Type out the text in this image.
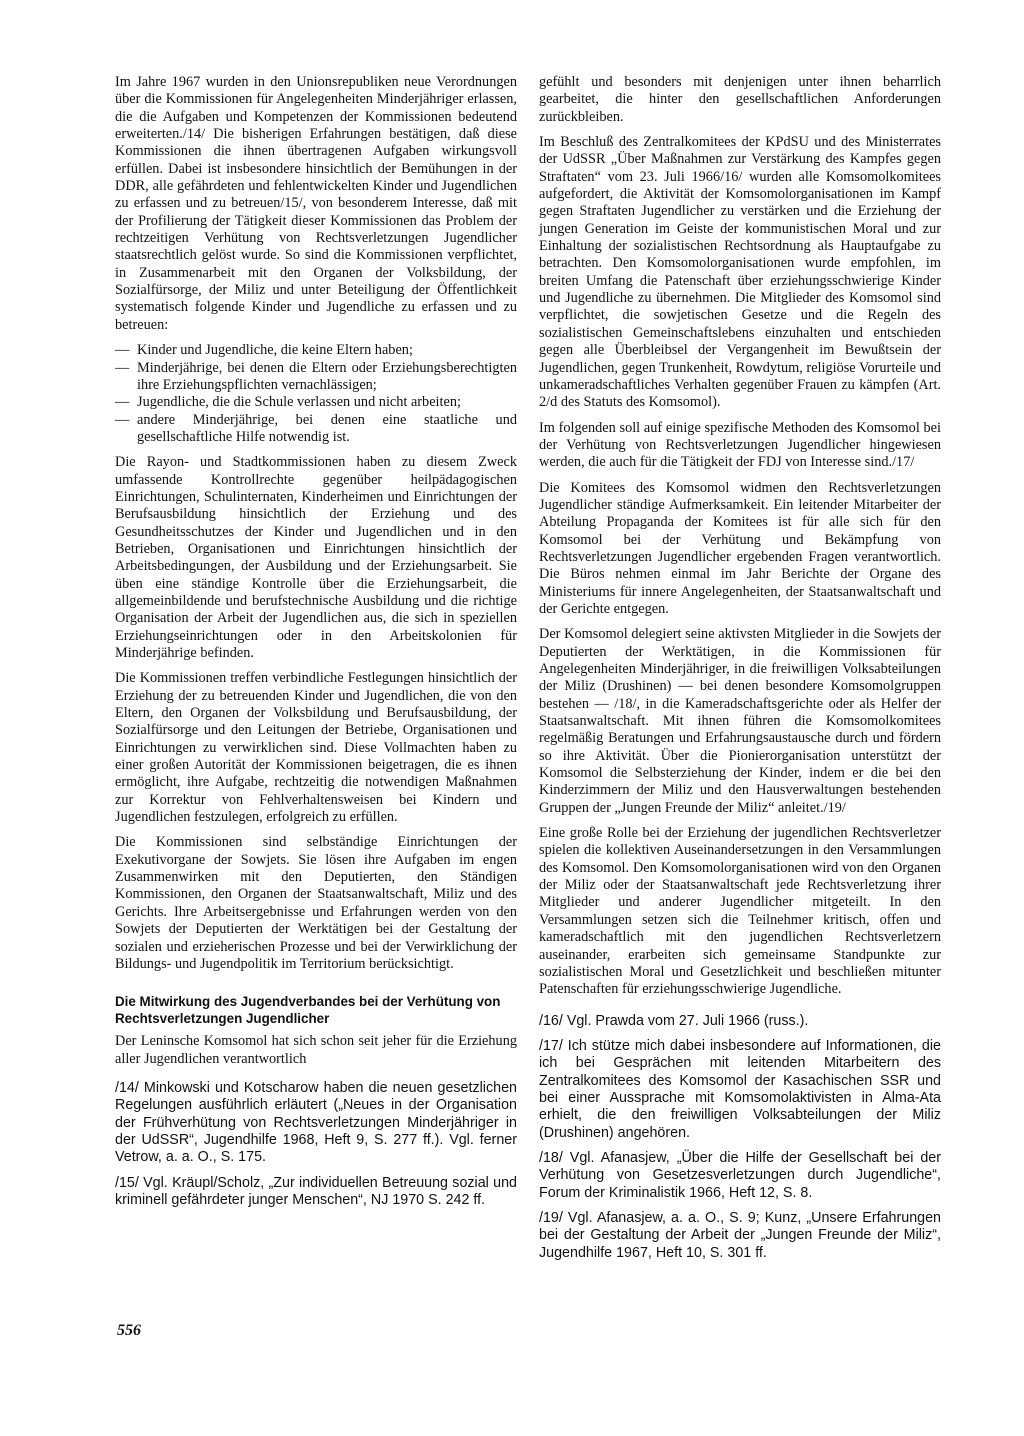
Im Jahre 1967 wurden in den Unionsrepubliken neue Verordnungen über die Kommissionen für Angelegenheiten Minderjähriger erlassen, die die Aufgaben und Kompetenzen der Kommissionen bedeutend erweiterten./14/ Die bisherigen Erfahrungen bestätigen, daß diese Kommissionen die ihnen übertragenen Aufgaben wirkungsvoll erfüllen. Dabei ist insbesondere hinsichtlich der Bemühungen in der DDR, alle gefährdeten und fehlentwickelten Kinder und Jugendlichen zu erfassen und zu betreuen/15/, von besonderem Interesse, daß mit der Profilierung der Tätigkeit dieser Kommissionen das Problem der rechtzeitigen Verhütung von Rechtsverletzungen Jugendlicher staatsrechtlich gelöst wurde. So sind die Kommissionen verpflichtet, in Zusammenarbeit mit den Organen der Volksbildung, der Sozialfürsorge, der Miliz und unter Beteiligung der Öffentlichkeit systematisch folgende Kinder und Jugendliche zu erfassen und zu betreuen:

— Kinder und Jugendliche, die keine Eltern haben;
— Minderjährige, bei denen die Eltern oder Erziehungsberechtigten ihre Erziehungspflichten vernachlässigen;
— Jugendliche, die die Schule verlassen und nicht arbeiten;
— andere Minderjährige, bei denen eine staatliche und gesellschaftliche Hilfe notwendig ist.

Die Rayon- und Stadtkommissionen haben zu diesem Zweck umfassende Kontrollrechte gegenüber heilpädagogischen Einrichtungen, Schulinternaten, Kinderheimen und Einrichtungen der Berufsausbildung hinsichtlich der Erziehung und des Gesundheitsschutzes der Kinder und Jugendlichen und in den Betrieben, Organisationen und Einrichtungen hinsichtlich der Arbeitsbedingungen, der Ausbildung und der Erziehungsarbeit. Sie üben eine ständige Kontrolle über die Erziehungsarbeit, die allgemeinbildende und berufstechnische Ausbildung und die richtige Organisation der Arbeit der Jugendlichen aus, die sich in speziellen Erziehungseinrichtungen oder in den Arbeitskolonien für Minderjährige befinden.

Die Kommissionen treffen verbindliche Festlegungen hinsichtlich der Erziehung der zu betreuenden Kinder und Jugendlichen, die von den Eltern, den Organen der Volksbildung und Berufsausbildung, der Sozialfürsorge und den Leitungen der Betriebe, Organisationen und Einrichtungen zu verwirklichen sind. Diese Vollmachten haben zu einer großen Autorität der Kommissionen beigetragen, die es ihnen ermöglicht, ihre Aufgabe, rechtzeitig die notwendigen Maßnahmen zur Korrektur von Fehlverhaltensweisen bei Kindern und Jugendlichen festzulegen, erfolgreich zu erfüllen.

Die Kommissionen sind selbständige Einrichtungen der Exekutivorgane der Sowjets. Sie lösen ihre Aufgaben im engen Zusammenwirken mit den Deputierten, den Ständigen Kommissionen, den Organen der Staatsanwaltschaft, Miliz und des Gerichts. Ihre Arbeitsergebnisse und Erfahrungen werden von den Sowjets der Deputierten der Werktätigen bei der Gestaltung der sozialen und erzieherischen Prozesse und bei der Verwirklichung der Bildungs- und Jugendpolitik im Territorium berücksichtigt.

Die Mitwirkung des Jugendverbandes bei der Verhütung von Rechtsverletzungen Jugendlicher

Der Leninsche Komsomol hat sich schon seit jeher für die Erziehung aller Jugendlichen verantwortlich

/14/ Minkowski und Kotscharow haben die neuen gesetzlichen Regelungen ausführlich erläutert („Neues in der Organisation der Frühverhütung von Rechtsverletzungen Minderjähriger in der UdSSR“, Jugendhilfe 1968, Heft 9, S. 277 ff.). Vgl. ferner Vetrow, a. a. O., S. 175.

/15/ Vgl. Kräupl/Scholz, „Zur individuellen Betreuung sozial und kriminell gefährdeter junger Menschen“, NJ 1970 S. 242 ff.

gefühlt und besonders mit denjenigen unter ihnen beharrlich gearbeitet, die hinter den gesellschaftlichen Anforderungen zurückbleiben.

Im Beschluß des Zentralkomitees der KPdSU und des Ministerrates der UdSSR „Über Maßnahmen zur Verstärkung des Kampfes gegen Straftaten“ vom 23. Juli 1966/16/ wurden alle Komsomolkomitees aufgefordert, die Aktivität der Komsomolorganisationen im Kampf gegen Straftaten Jugendlicher zu verstärken und die Erziehung der jungen Generation im Geiste der kommunistischen Moral und zur Einhaltung der sozialistischen Rechtsordnung als Hauptaufgabe zu betrachten. Den Komsomolorganisationen wurde empfohlen, im breiten Umfang die Patenschaft über erziehungsschwierige Kinder und Jugendliche zu übernehmen. Die Mitglieder des Komsomol sind verpflichtet, die sowjetischen Gesetze und die Regeln des sozialistischen Gemeinschaftslebens einzuhalten und entschieden gegen alle Überbleibsel der Vergangenheit im Bewußtsein der Jugendlichen, gegen Trunkenheit, Rowdytum, religiöse Vorurteile und unkameradschaftliches Verhalten gegenüber Frauen zu kämpfen (Art. 2/d des Statuts des Komsomol).

Im folgenden soll auf einige spezifische Methoden des Komsomol bei der Verhütung von Rechtsverletzungen Jugendlicher hingewiesen werden, die auch für die Tätigkeit der FDJ von Interesse sind./17/

Die Komitees des Komsomol widmen den Rechtsverletzungen Jugendlicher ständige Aufmerksamkeit. Ein leitender Mitarbeiter der Abteilung Propaganda der Komitees ist für alle sich für den Komsomol bei der Verhütung und Bekämpfung von Rechtsverletzungen Jugendlicher ergebenden Fragen verantwortlich. Die Büros nehmen einmal im Jahr Berichte der Organe des Ministeriums für innere Angelegenheiten, der Staatsanwaltschaft und der Gerichte entgegen.

Der Komsomol delegiert seine aktivsten Mitglieder in die Sowjets der Deputierten der Werktätigen, in die Kommissionen für Angelegenheiten Minderjähriger, in die freiwilligen Volksabteilungen der Miliz (Drushinen) — bei denen besondere Komsomolgruppen bestehen — /18/, in die Kameradschaftsgerichte oder als Helfer der Staatsanwaltschaft. Mit ihnen führen die Komsomolkomitees regelmäßig Beratungen und Erfahrungsaustausche durch und fördern so ihre Aktivität. Über die Pionierorganisation unterstützt der Komsomol die Selbsterziehung der Kinder, indem er die bei den Kinderzimmern der Miliz und den Hausverwaltungen bestehenden Gruppen der „Jungen Freunde der Miliz“ anleitet./19/

Eine große Rolle bei der Erziehung der jugendlichen Rechtsverletzer spielen die kollektiven Auseinandersetzungen in den Versammlungen des Komsomol. Den Komsomolorganisationen wird von den Organen der Miliz oder der Staatsanwaltschaft jede Rechtsverletzung ihrer Mitglieder und anderer Jugendlicher mitgeteilt. In den Versammlungen setzen sich die Teilnehmer kritisch, offen und kameradschaftlich mit den jugendlichen Rechtsverletzern auseinander, erarbeiten sich gemeinsame Standpunkte zur sozialistischen Moral und Gesetzlichkeit und beschließen mitunter Patenschaften für erziehungsschwierige Jugendliche.

/16/ Vgl. Prawda vom 27. Juli 1966 (russ.).

/17/ Ich stütze mich dabei insbesondere auf Informationen, die ich bei Gesprächen mit leitenden Mitarbeitern des Zentralkomitees des Komsomol der Kasachischen SSR und bei einer Aussprache mit Komsomolaktivisten in Alma-Ata erhielt, die den freiwilligen Volksabteilungen der Miliz (Drushinen) angehören.

/18/ Vgl. Afanasjew, „Über die Hilfe der Gesellschaft bei der Verhütung von Gesetzesverletzungen durch Jugendliche“, Forum der Kriminalistik 1966, Heft 12, S. 8.

/19/ Vgl. Afanasjew, a. a. O., S. 9; Kunz, „Unsere Erfahrungen bei der Gestaltung der Arbeit der „Jungen Freunde der Miliz“, Jugendhilfe 1967, Heft 10, S. 301 ff.

556
